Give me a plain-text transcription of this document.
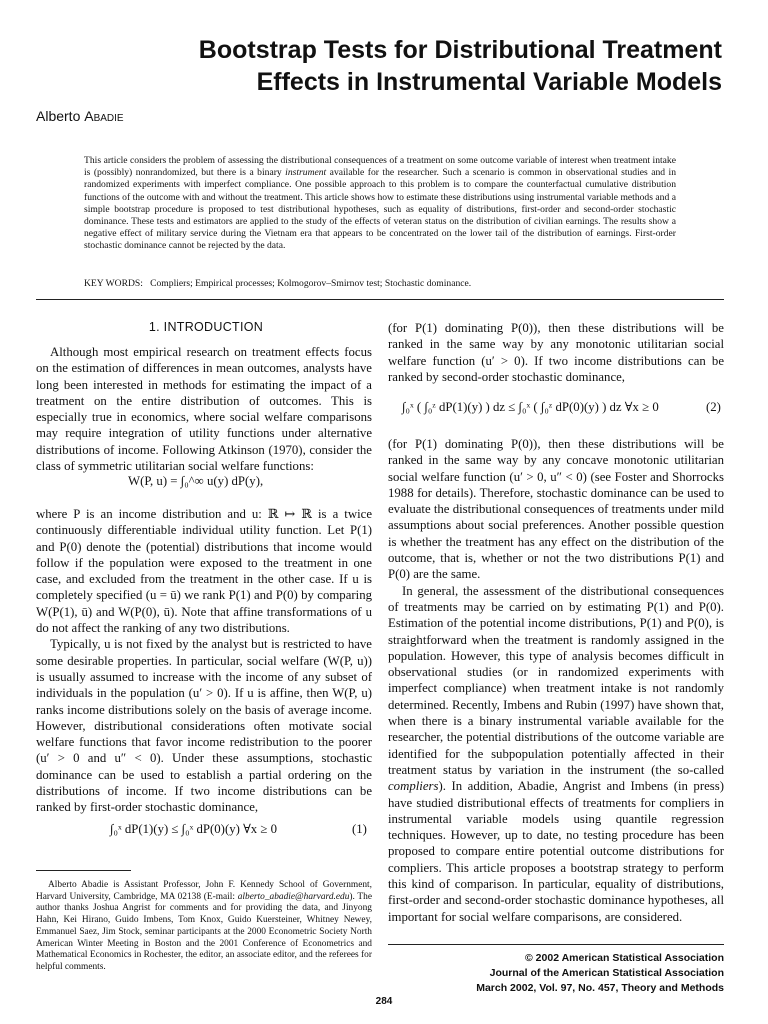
Bootstrap Tests for Distributional Treatment
Effects in Instrumental Variable Models
Alberto Abadie
This article considers the problem of assessing the distributional consequences of a treatment on some outcome variable of interest when treatment intake is (possibly) nonrandomized, but there is a binary instrument available for the researcher. Such a scenario is common in observational studies and in randomized experiments with imperfect compliance. One possible approach to this problem is to compare the counterfactual cumulative distribution functions of the outcome with and without the treatment. This article shows how to estimate these distributions using instrumental variable methods and a simple bootstrap procedure is proposed to test distributional hypotheses, such as equality of distributions, first-order and second-order stochastic dominance. These tests and estimators are applied to the study of the effects of veteran status on the distribution of civilian earnings. The results show a negative effect of military service during the Vietnam era that appears to be concentrated on the lower tail of the distribution of earnings. First-order stochastic dominance cannot be rejected by the data.
KEY WORDS: Compliers; Empirical processes; Kolmogorov–Smirnov test; Stochastic dominance.
1. INTRODUCTION

Although most empirical research on treatment effects focus on the estimation of differences in mean outcomes, analysts have long been interested in methods for estimating the impact of a treatment on the entire distribution of outcomes. This is especially true in economics, where social welfare comparisons may require integration of utility functions under alternative distributions of income. Following Atkinson (1970), consider the class of symmetric utilitarian social welfare functions:

W(P, u) = ∫₀^∞ u(y) dP(y),

where P is an income distribution and u: ℝ ↦ ℝ is a twice continuously differentiable individual utility function. Let P(1) and P(0) denote the (potential) distributions that income would follow if the population were exposed to the treatment in one case, and excluded from the treatment in the other case. If u is completely specified (u = ū) we rank P(1) and P(0) by comparing W(P(1), ū) and W(P(0), ū). Note that affine transformations of u do not affect the ranking of any two distributions.

Typically, u is not fixed by the analyst but is restricted to have some desirable properties. In particular, social welfare (W(P, u)) is usually assumed to increase with the income of any subset of individuals in the population (u′ > 0). If u is affine, then W(P, u) ranks income distributions solely on the basis of average income. However, distributional considerations often motivate social welfare functions that favor income redistribution to the poorer (u′ > 0 and u″ < 0). Under these assumptions, stochastic dominance can be used to establish a partial ordering on the distributions of income. If two income distributions can be ranked by first-order stochastic dominance,

∫₀ˣ dP(1)(y) ≤ ∫₀ˣ dP(0)(y) ∀x ≥ 0	(1)
Alberto Abadie is Assistant Professor, John F. Kennedy School of Government, Harvard University, Cambridge, MA 02138 (E-mail: alberto_abadie@harvard.edu). The author thanks Joshua Angrist for comments and for providing the data, and Jinyong Hahn, Kei Hirano, Guido Imbens, Tom Knox, Guido Kuersteiner, Whitney Newey, Emmanuel Saez, Jim Stock, seminar participants at the 2000 Econometric Society North American Winter Meeting in Boston and the 2001 Conference of Econometrics and Mathematical Economics in Rochester, the editor, an associate editor, and the referees for helpful comments.

(for P(1) dominating P(0)), then these distributions will be ranked in the same way by any monotonic utilitarian social welfare function (u′ > 0). If two income distributions can be ranked by second-order stochastic dominance,

∫₀ˣ ( ∫₀ᶻ dP(1)(y) ) dz ≤ ∫₀ˣ ( ∫₀ᶻ dP(0)(y) ) dz ∀x ≥ 0	(2)

(for P(1) dominating P(0)), then these distributions will be ranked in the same way by any concave monotonic utilitarian social welfare function (u′ > 0, u″ < 0) (see Foster and Shorrocks 1988 for details). Therefore, stochastic dominance can be used to evaluate the distributional consequences of treatments under mild assumptions about social preferences. Another possible question is whether the treatment has any effect on the distribution of the outcome, that is, whether or not the two distributions P(1) and P(0) are the same.

In general, the assessment of the distributional consequences of treatments may be carried on by estimating P(1) and P(0). Estimation of the potential income distributions, P(1) and P(0), is straightforward when the treatment is randomly assigned in the population. However, this type of analysis becomes difficult in observational studies (or in randomized experiments with imperfect compliance) when treatment intake is not randomly determined. Recently, Imbens and Rubin (1997) have shown that, when there is a binary instrumental variable available for the researcher, the potential distributions of the outcome variable are identified for the subpopulation potentially affected in their treatment status by variation in the instrument (the so-called compliers). In addition, Abadie, Angrist and Imbens (in press) have studied distributional effects of treatments for compliers in instrumental variable models using quantile regression techniques. However, up to date, no testing procedure has been proposed to compare entire potential outcome distributions for compliers. This article proposes a bootstrap strategy to perform this kind of comparison. In particular, equality of distributions, first-order and second-order stochastic dominance hypotheses, all important for social welfare comparisons, are considered.

© 2002 American Statistical Association
Journal of the American Statistical Association
March 2002, Vol. 97, No. 457, Theory and Methods
284
